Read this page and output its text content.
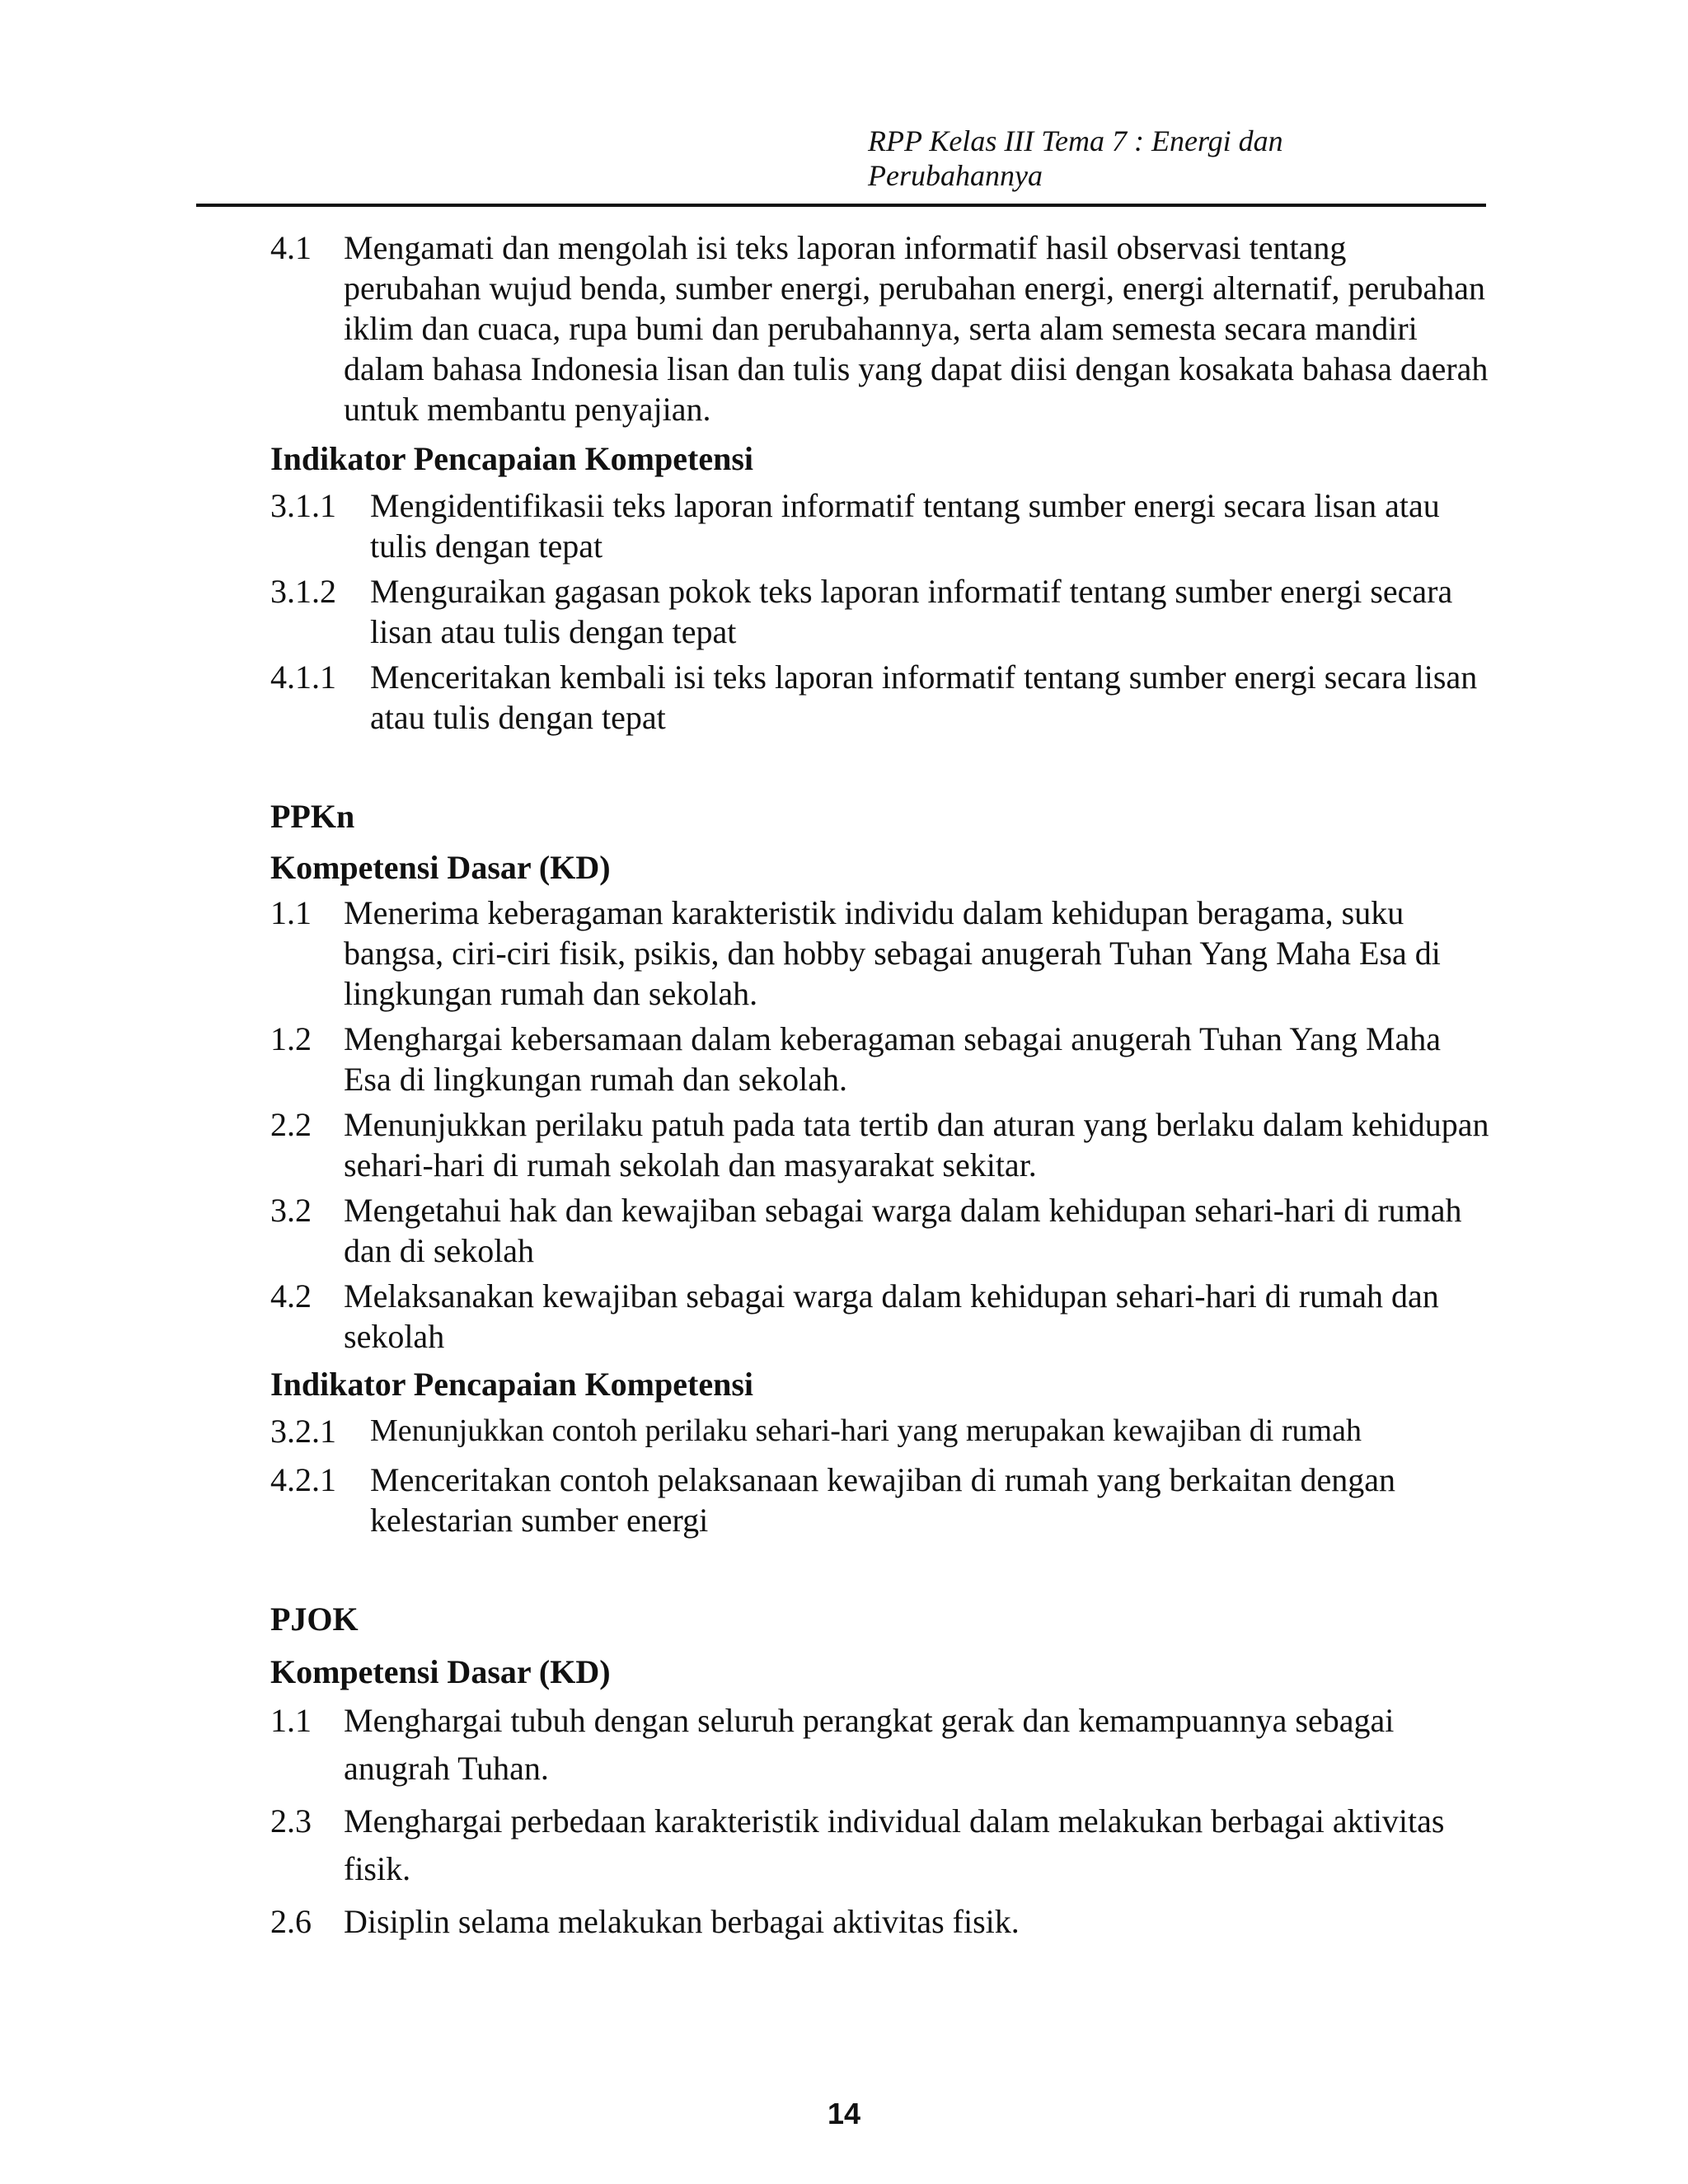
RPP Kelas III Tema 7 : Energi dan
Perubahannya
4.1 Mengamati dan mengolah isi teks laporan informatif hasil observasi tentang perubahan wujud benda, sumber energi, perubahan energi, energi alternatif, perubahan iklim dan cuaca, rupa bumi dan perubahannya, serta alam semesta secara mandiri dalam bahasa Indonesia lisan dan tulis yang dapat diisi dengan kosakata bahasa daerah untuk membantu penyajian.

Indikator Pencapaian Kompetensi

3.1.1	Mengidentifikasii teks laporan informatif tentang sumber energi secara lisan atau tulis dengan tepat
3.1.2	Menguraikan gagasan pokok teks laporan informatif tentang sumber energi secara lisan atau tulis dengan tepat
4.1.1	Menceritakan kembali isi teks laporan informatif tentang sumber energi secara lisan atau tulis dengan tepat

PPKn

Kompetensi Dasar (KD)

1.1 Menerima keberagaman karakteristik individu dalam kehidupan beragama, suku bangsa, ciri-ciri fisik, psikis, dan hobby sebagai anugerah Tuhan Yang Maha Esa di lingkungan rumah dan sekolah.
1.2 Menghargai kebersamaan dalam keberagaman sebagai anugerah Tuhan Yang Maha Esa di lingkungan rumah dan sekolah.
2.2 Menunjukkan perilaku patuh pada tata tertib dan aturan yang berlaku dalam kehidupan sehari-hari di rumah sekolah dan masyarakat sekitar.
3.2 Mengetahui hak dan kewajiban sebagai warga dalam kehidupan sehari-hari di rumah dan di sekolah
4.2 Melaksanakan kewajiban sebagai warga dalam kehidupan sehari-hari di rumah dan sekolah

Indikator Pencapaian Kompetensi

3.2.1	Menunjukkan contoh perilaku sehari-hari yang merupakan kewajiban di rumah
4.2.1	Menceritakan contoh pelaksanaan kewajiban di rumah yang berkaitan dengan kelestarian sumber energi

PJOK

Kompetensi Dasar (KD)

1.1 Menghargai tubuh dengan seluruh perangkat gerak dan kemampuannya sebagai anugrah Tuhan.
2.3 Menghargai perbedaan karakteristik individual dalam melakukan berbagai aktivitas fisik.
2.6 Disiplin selama melakukan berbagai aktivitas fisik.
14
